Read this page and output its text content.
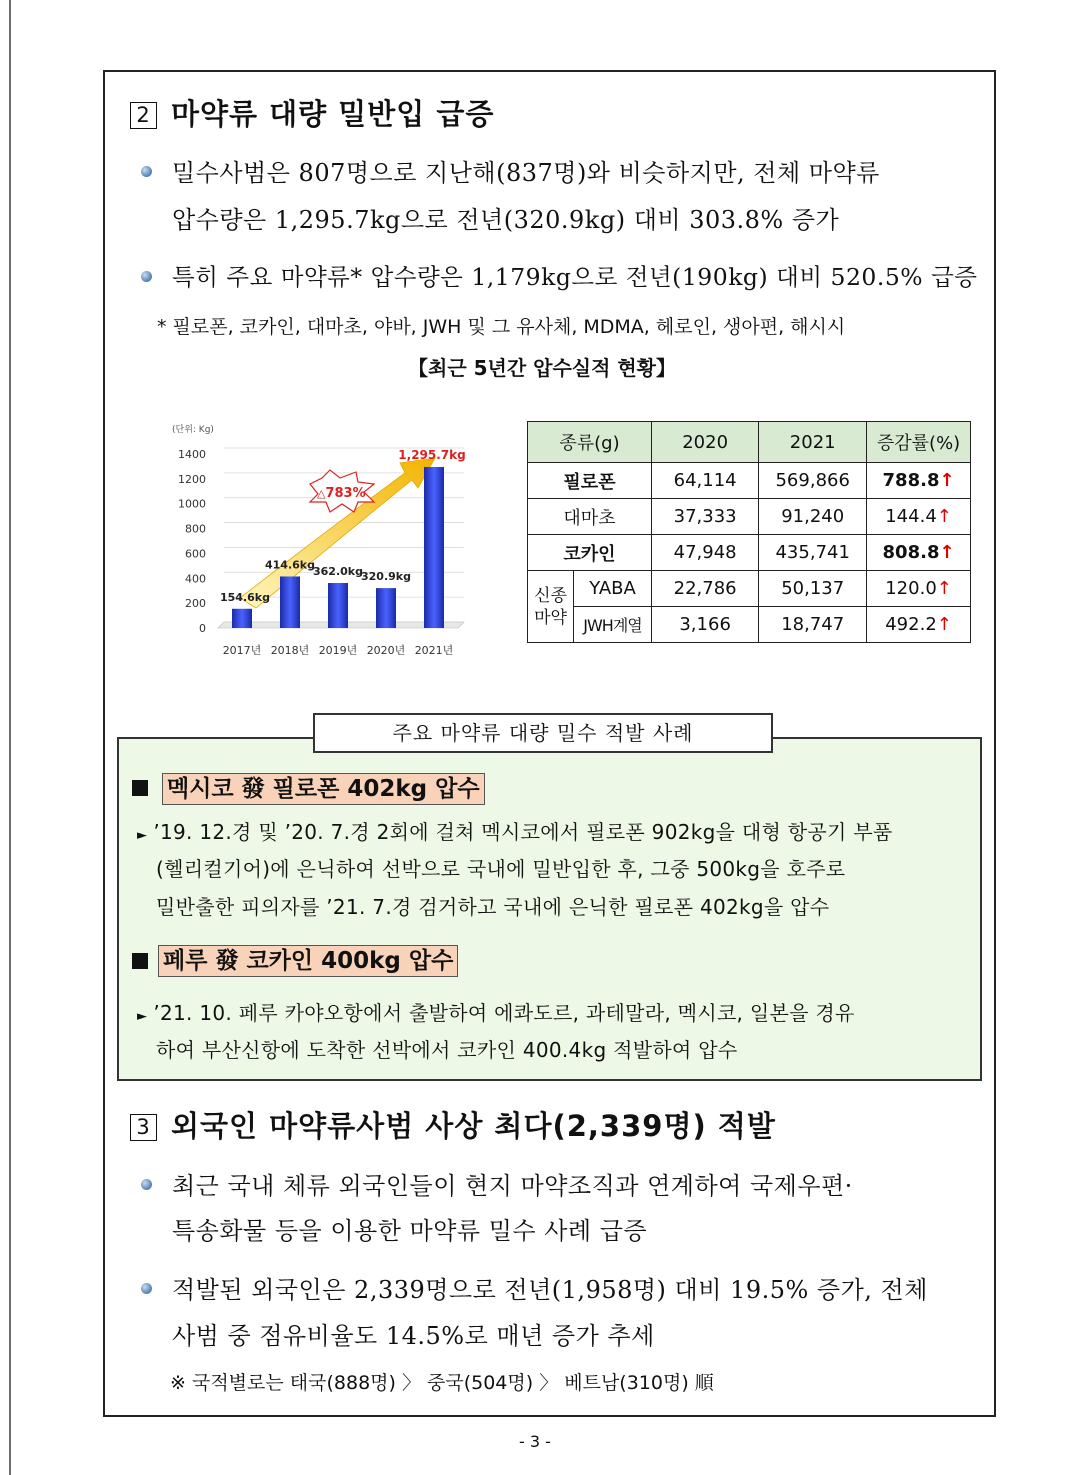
2 마약류 대량 밀반입 급증
밀수사범은 807명으로 지난해(837명)와 비슷하지만, 전체 마약류
압수량은 1,295.7kg으로 전년(320.9kg) 대비 303.8% 증가
특히 주요 마약류* 압수량은 1,179kg으로 전년(190kg) 대비 520.5% 급증
* 필로폰, 코카인, 대마초, 야바, JWH 및 그 유사체, MDMA, 헤로인, 생아편, 해시시
【최근 5년간 압수실적 현황】
0
200
400
600
800
1000
1200
1400
154.6kg
2017년
414.6kg
2018년
362.0kg
2019년
320.9kg
2020년
1,295.7kg
2021년
(단위: Kg)
△783%
종류(g)		2020	2021	증감률(%)
필로폰		64,114	569,866	788.8↑
대마초		37,333	91,240	144.4↑
코카인		47,948	435,741	808.8↑
신종 마약	YABA	22,786	50,137	120.0↑
	JWH계열	3,166	18,747	492.2↑
주요 마약류 대량 밀수 적발 사례
멕시코 發 필로폰 402kg 압수
► ’19. 12.경 및 ’20. 7.경 2회에 걸쳐 멕시코에서 필로폰 902kg을 대형 항공기 부품
(헬리컬기어)에 은닉하여 선박으로 국내에 밀반입한 후, 그중 500kg을 호주로
밀반출한 피의자를 ’21. 7.경 검거하고 국내에 은닉한 필로폰 402kg을 압수
페루 發 코카인 400kg 압수
► ’21. 10. 페루 카야오항에서 출발하여 에콰도르, 과테말라, 멕시코, 일본을 경유
하여 부산신항에 도착한 선박에서 코카인 400.4kg 적발하여 압수
3 외국인 마약류사범 사상 최다(2,339명) 적발
최근 국내 체류 외국인들이 현지 마약조직과 연계하여 국제우편·
특송화물 등을 이용한 마약류 밀수 사례 급증
적발된 외국인은 2,339명으로 전년(1,958명) 대비 19.5% 증가, 전체
사범 중 점유비율도 14.5%로 매년 증가 추세
※ 국적별로는 태국(888명) 〉 중국(504명) 〉 베트남(310명) 順
- 3 -
